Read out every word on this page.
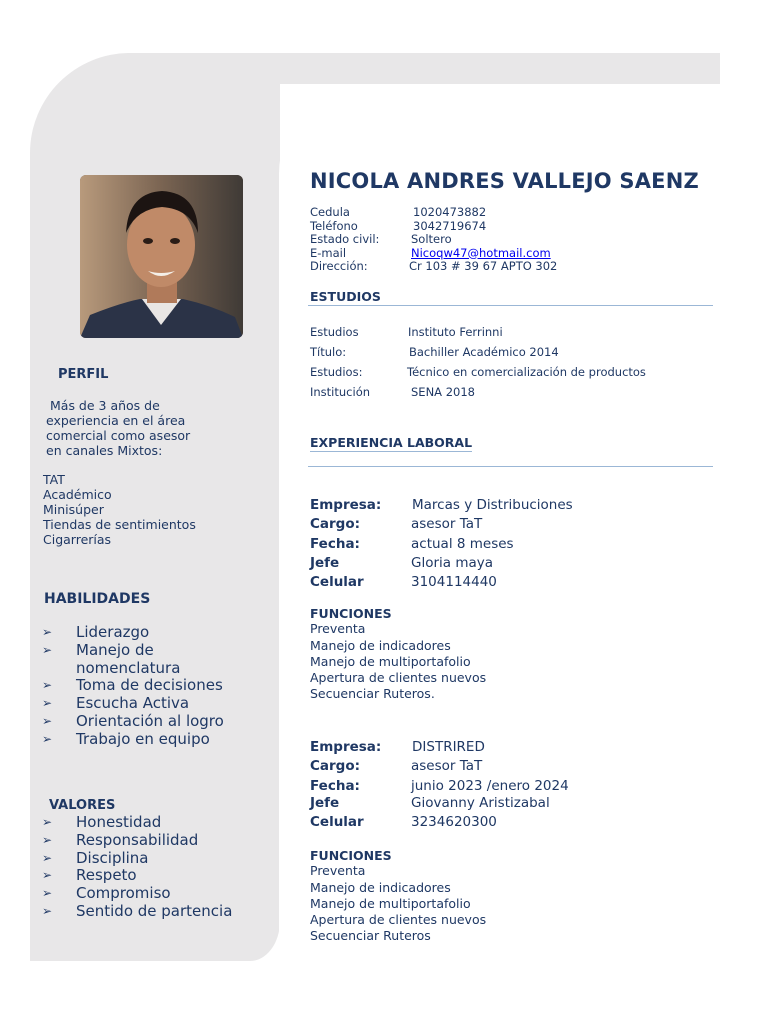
PERFIL
Más de 3 años de
experiencia en el área
comercial como asesor
en canales Mixtos:
TAT
Académico
Minisúper
Tiendas de sentimientos
Cigarrerías
HABILIDADES
➢ Liderazgo
➢ Manejo de nomenclatura
➢ Toma de decisiones
➢ Escucha Activa
➢ Orientación al logro
➢ Trabajo en equipo
VALORES
➢ Honestidad
➢ Responsabilidad
➢ Disciplina
➢ Respeto
➢ Compromiso
➢ Sentido de partencia
NICOLA ANDRES VALLEJO SAENZ
Cedula	1020473882
Teléfono	3042719674
Estado civil:	Soltero
E-mail	Nicoqw47@hotmail.com
Dirección:	Cr 103 # 39 67 APTO 302
ESTUDIOS
Estudios	Instituto Ferrinni
Título:	Bachiller Académico 2014
Estudios:	Técnico en comercialización de productos
Institución	SENA 2018
EXPERIENCIA LABORAL
Empresa: Marcas y Distribuciones
Cargo:	asesor TaT
Fecha:	actual 8 meses
Jefe	Gloria maya
Celular	3104114440
FUNCIONES
Preventa
Manejo de indicadores
Manejo de multiportafolio
Apertura de clientes nuevos
Secuenciar Ruteros.
Empresa: DISTRIRED
Cargo:	asesor TaT
Fecha:	junio 2023 /enero 2024
Jefe	Giovanny Aristizabal
Celular	3234620300
FUNCIONES
Preventa
Manejo de indicadores
Manejo de multiportafolio
Apertura de clientes nuevos
Secuenciar Ruteros
